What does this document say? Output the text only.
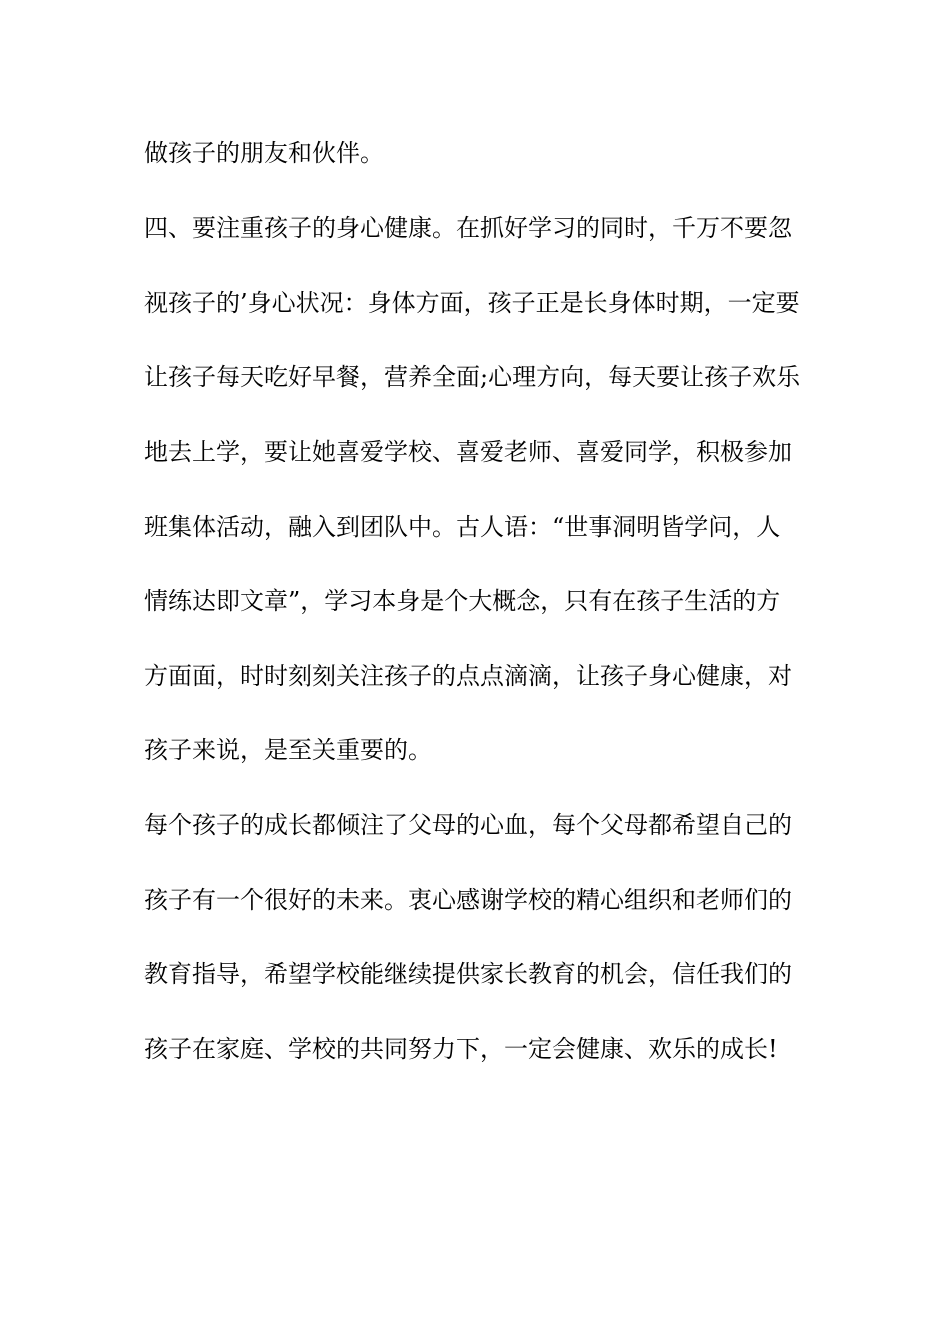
做孩子的朋友和伙伴。
四、要注重孩子的身心健康。在抓好学习的同时，千万不要忽
视孩子的’身心状况：身体方面，孩子正是长身体时期，一定要
让孩子每天吃好早餐，营养全面;心理方向，每天要让孩子欢乐
地去上学，要让她喜爱学校、喜爱老师、喜爱同学，积极参加
班集体活动，融入到团队中。古人语：“世事洞明皆学问，人
情练达即文章”，学习本身是个大概念，只有在孩子生活的方
方面面，时时刻刻关注孩子的点点滴滴，让孩子身心健康，对
孩子来说，是至关重要的。
每个孩子的成长都倾注了父母的心血，每个父母都希望自己的
孩子有一个很好的未来。衷心感谢学校的精心组织和老师们的
教育指导，希望学校能继续提供家长教育的机会，信任我们的
孩子在家庭、学校的共同努力下，一定会健康、欢乐的成长!
